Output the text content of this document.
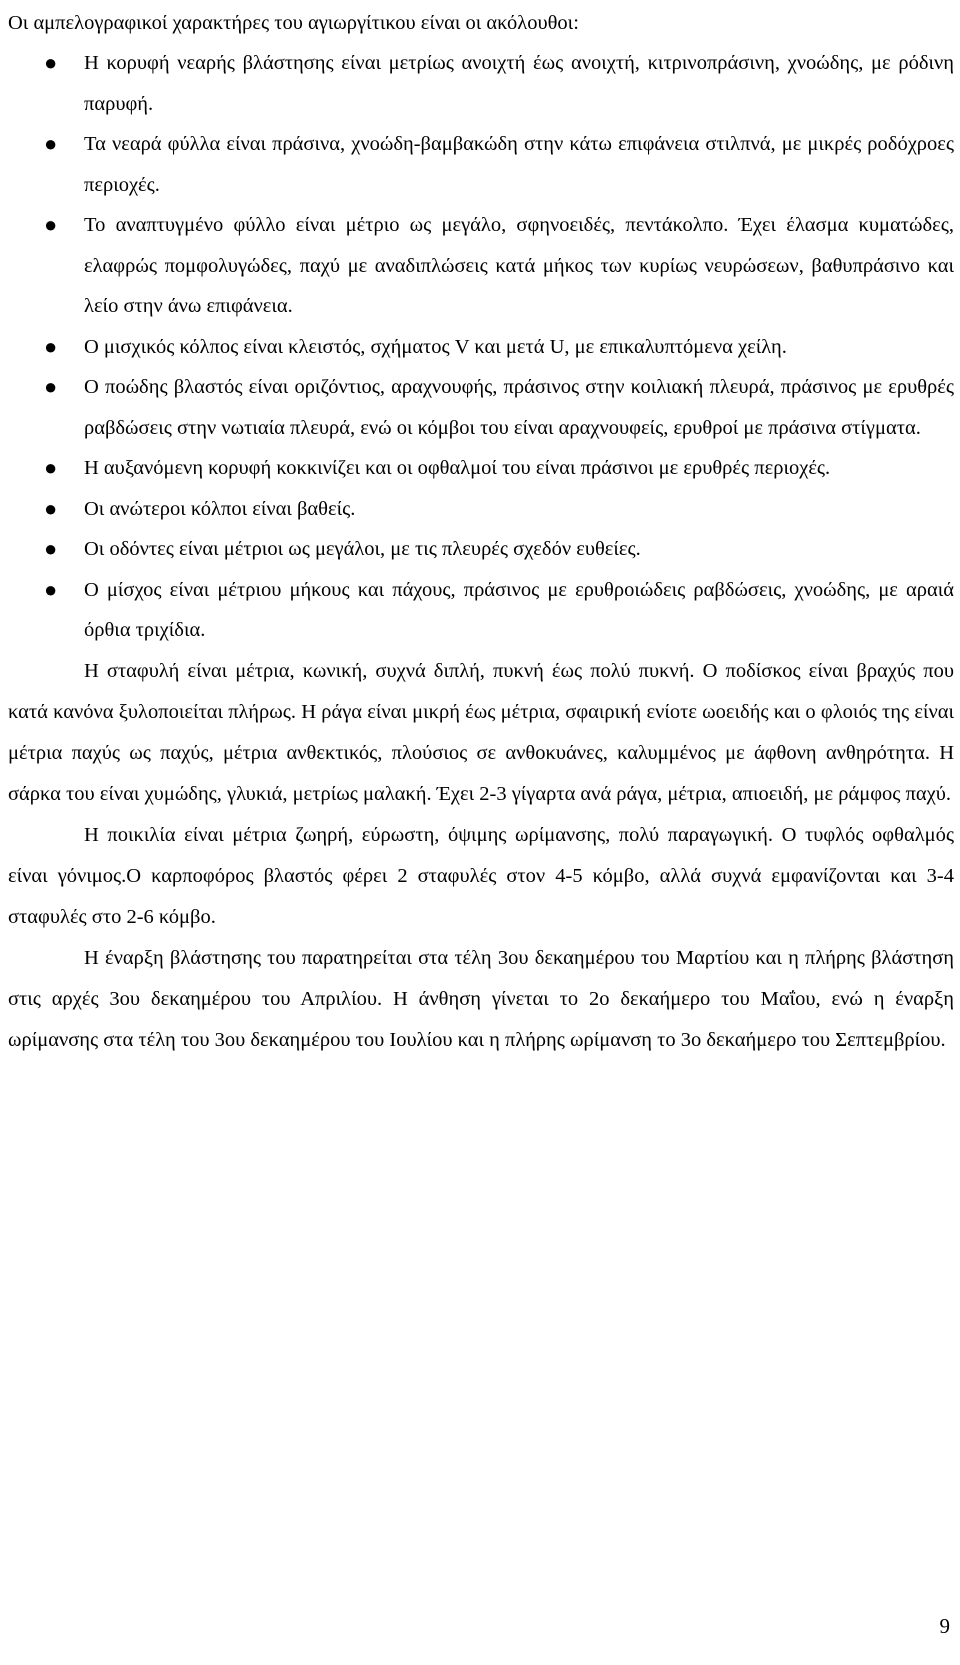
Οι αμπελογραφικοί χαρακτήρες του αγιωργίτικου είναι οι ακόλουθοι:

● Η κορυφή νεαρής βλάστησης είναι μετρίως ανοιχτή έως ανοιχτή, κιτρινοπράσινη, χνοώδης, με ρόδινη παρυφή.
● Τα νεαρά φύλλα είναι πράσινα, χνοώδη-βαμβακώδη στην κάτω επιφάνεια στιλπνά, με μικρές ροδόχροες περιοχές.
● Το αναπτυγμένο φύλλο είναι μέτριο ως μεγάλο, σφηνοειδές, πεντάκολπο. Έχει έλασμα κυματώδες, ελαφρώς πομφολυγώδες, παχύ με αναδιπλώσεις κατά μήκος των κυρίως νευρώσεων, βαθυπράσινο και λείο στην άνω επιφάνεια.
● Ο μισχικός κόλπος είναι κλειστός, σχήματος V και μετά U, με επικαλυπτόμενα χείλη.
● Ο ποώδης βλαστός είναι οριζόντιος, αραχνουφής, πράσινος στην κοιλιακή πλευρά, πράσινος με ερυθρές ραβδώσεις στην νωτιαία πλευρά, ενώ οι κόμβοι του είναι αραχνουφείς, ερυθροί με πράσινα στίγματα.
● Η αυξανόμενη κορυφή κοκκινίζει και οι οφθαλμοί του είναι πράσινοι με ερυθρές περιοχές.
● Οι ανώτεροι κόλποι είναι βαθείς.
● Οι οδόντες είναι μέτριοι ως μεγάλοι, με τις πλευρές σχεδόν ευθείες.
● Ο μίσχος είναι μέτριου μήκους και πάχους, πράσινος με ερυθροιώδεις ραβδώσεις, χνοώδης, με αραιά όρθια τριχίδια.

Η σταφυλή είναι μέτρια, κωνική, συχνά διπλή, πυκνή έως πολύ πυκνή. Ο ποδίσκος είναι βραχύς που κατά κανόνα ξυλοποιείται πλήρως. Η ράγα είναι μικρή έως μέτρια, σφαιρική ενίοτε ωοειδής και ο φλοιός της είναι μέτρια παχύς ως παχύς, μέτρια ανθεκτικός, πλούσιος σε ανθοκυάνες, καλυμμένος με άφθονη ανθηρότητα. Η σάρκα του είναι χυμώδης, γλυκιά, μετρίως μαλακή. Έχει 2-3 γίγαρτα ανά ράγα, μέτρια, απιοειδή, με ράμφος παχύ.

Η ποικιλία είναι μέτρια ζωηρή, εύρωστη, όψιμης ωρίμανσης, πολύ παραγωγική. Ο τυφλός οφθαλμός είναι γόνιμος.Ο καρποφόρος βλαστός φέρει 2 σταφυλές στον 4-5 κόμβο, αλλά συχνά εμφανίζονται και 3-4 σταφυλές στο 2-6 κόμβο.

Η έναρξη βλάστησης του παρατηρείται στα τέλη 3ου δεκαημέρου του Μαρτίου και η πλήρης βλάστηση στις αρχές 3ου δεκαημέρου του Απριλίου. Η άνθηση γίνεται το 2ο δεκαήμερο του Μαΐου, ενώ η έναρξη ωρίμανσης στα τέλη του 3ου δεκαημέρου του Ιουλίου και η πλήρης ωρίμανση το 3ο δεκαήμερο του Σεπτεμβρίου.

9
